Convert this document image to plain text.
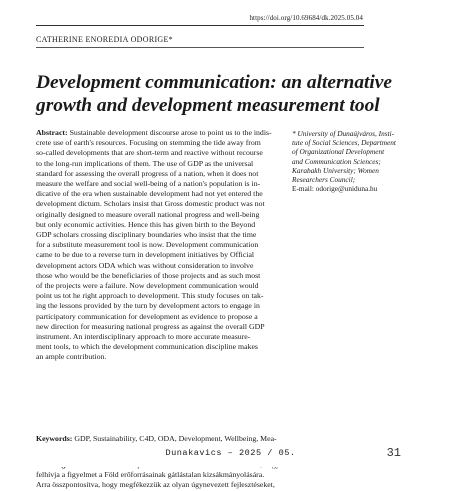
https://doi.org/10.69684/dk.2025.05.04
CATHERINE ENOREDIA ODORIGE*
Development communication: an alternative
growth and development measurement tool
Abstract: Sustainable development discourse arose to point us to the indis-
crete use of earth's resources. Focusing on stemming the tide away from
so-called developments that are short-term and reactive without recourse
to the long-run implications of them. The use of GDP as the universal
standard for assessing the overall progress of a nation, when it does not
measure the welfare and social well-being of a nation's population is in-
dicative of the era when sustainable development had not yet entered the
development dictum. Scholars insist that Gross domestic product was not
originally designed to measure overall national progress and well-being
but only economic activities. Hence this has given birth to the Beyond
GDP scholars crossing disciplinary boundaries who insist that the time
for a substitute measurement tool is now. Development communication
came to be due to a reverse turn in development initiatives by Official
development actors ODA which was without consideration to involve
those who would be the beneficiaries of those projects and as such most
of the projects were a failure. Now development communication would
point us tot he right approach to development. This study focuses on tak-
ing the lessons provided by the turn by development actors to engage in
participatory communication for development as evidence to propose a
new direction for measuring national progress as against the overall GDP
instrument. An interdisciplinary approach to more accurate measure-
ment tools, to which the development communication discipline makes
an ample contribution.
Keywords: GDP, Sustainability, C4D, ODA, Development, Wellbeing, Mea-
felhívja a figyelmet a Föld erőforrásainak gátlástalan kizsákmányolására.
Arra összpontosítva, hogy megfékezzük az olyan úgynevezett fejlesztéseket,
* University of Dunaújváros, Insti-
tute of Social Sciences, Department
of Organizational Development
and Communication Sciences;
Karabakh University; Women
Researchers Council;
E-mail: odorige@uniduna.hu
Dunakavics – 2025 / 05.	31
